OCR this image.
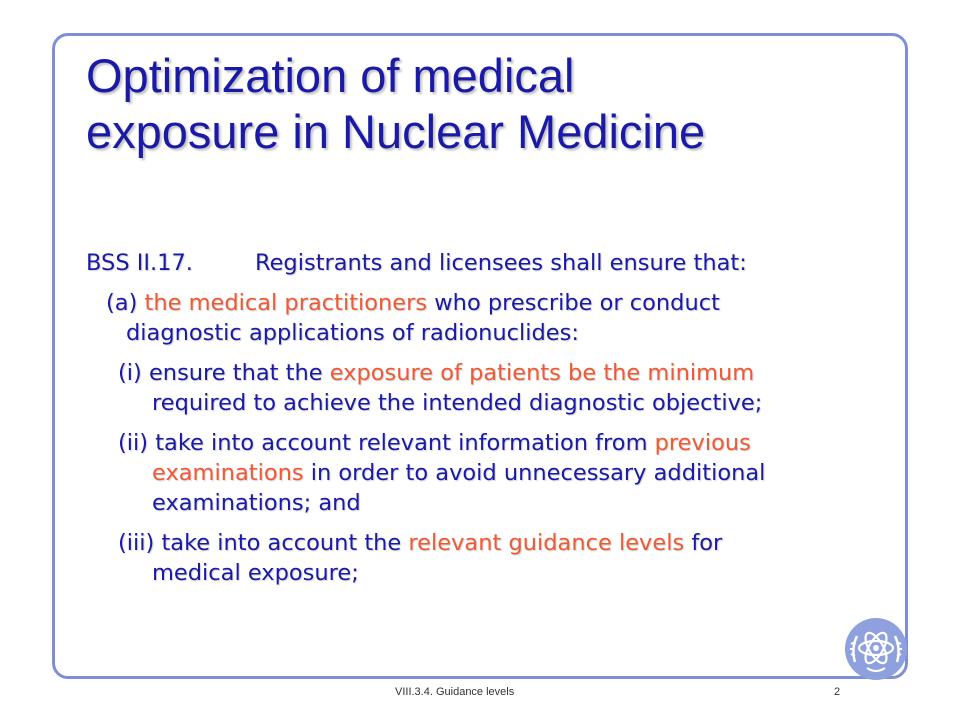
Optimization of medical
exposure in Nuclear Medicine

BSS II.17.	Registrants and licensees shall ensure that:

(a) the medical practitioners who prescribe or conduct
diagnostic applications of radionuclides:
(i) ensure that the exposure of patients be the minimum
required to achieve the intended diagnostic objective;
(ii) take into account relevant information from previous
examinations in order to avoid unnecessary additional
examinations; and
(iii) take into account the relevant guidance levels for
medical exposure;
VIII.3.4. Guidance levels	2
